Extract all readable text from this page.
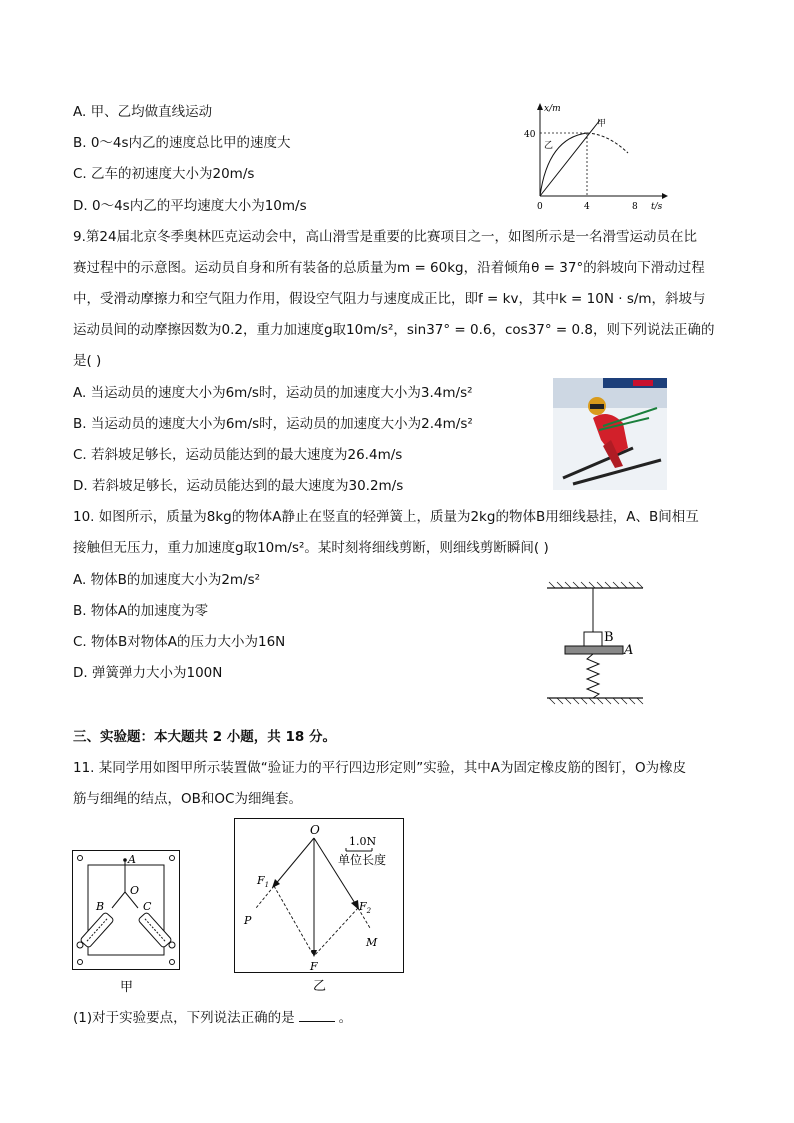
A. 甲、乙均做直线运动
B. 0～4s内乙的速度总比甲的速度大
C. 乙车的初速度大小为20m/s
D. 0～4s内乙的平均速度大小为10m/s
x/m
t/s
40
0	4	8
甲
乙
9.第24届北京冬季奥林匹克运动会中，高山滑雪是重要的比赛项目之一，如图所示是一名滑雪运动员在比
赛过程中的示意图。运动员自身和所有装备的总质量为m = 60kg，沿着倾角θ = 37°的斜坡向下滑动过程
中，受滑动摩擦力和空气阻力作用，假设空气阻力与速度成正比，即f = kv，其中k = 10N · s/m，斜坡与
运动员间的动摩擦因数为0.2，重力加速度g取10m/s²，sin37° = 0.6，cos37° = 0.8，则下列说法正确的
是( )
A. 当运动员的速度大小为6m/s时，运动员的加速度大小为3.4m/s²
B. 当运动员的速度大小为6m/s时，运动员的加速度大小为2.4m/s²
C. 若斜坡足够长，运动员能达到的最大速度为26.4m/s
D. 若斜坡足够长，运动员能达到的最大速度为30.2m/s
10. 如图所示，质量为8kg的物体A静止在竖直的轻弹簧上，质量为2kg的物体B用细线悬挂，A、B间相互
接触但无压力，重力加速度g取10m/s²。某时刻将细线剪断，则细线剪断瞬间( )
A. 物体B的加速度大小为2m/s²
B. 物体A的加速度为零
C. 物体B对物体A的压力大小为16N
D. 弹簧弹力大小为100N
B
A
三、实验题：本大题共 2 小题，共 18 分。
11. 某同学用如图甲所示装置做“验证力的平行四边形定则”实验，其中A为固定橡皮筋的图钉，O为橡皮
筋与细绳的结点，OB和OC为细绳套。
A
O
B	C
甲
O
$F_1$
$F_2$
P
M
F
1.0N
单位长度
乙
(1)对于实验要点，下列说法正确的是	。
